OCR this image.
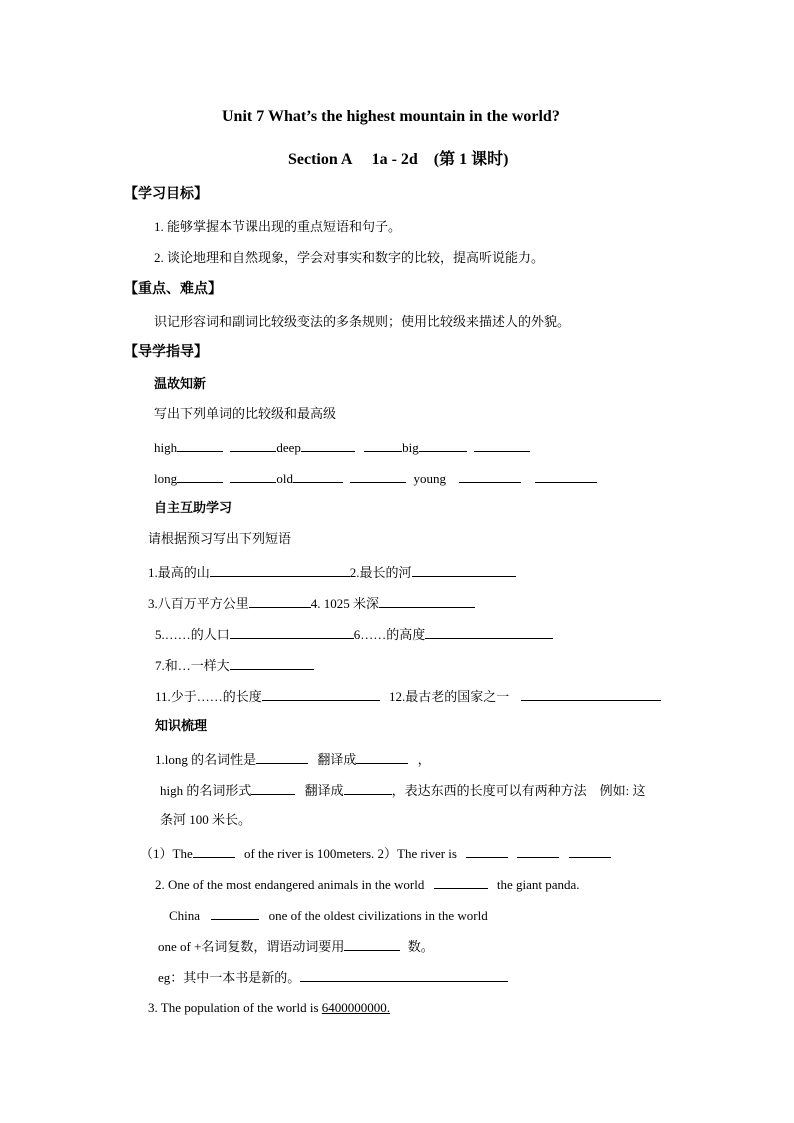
Unit 7 What’s the highest mountain in the world?
Section A　 1a - 2d　(第 1 课时)
【学习目标】
1. 能够掌握本节课出现的重点短语和句子。
2. 谈论地理和自然现象，学会对事实和数字的比较，提高听说能力。
【重点、难点】
识记形容词和副词比较级变法的多条规则；使用比较级来描述人的外貌。
【导学指导】
温故知新
写出下列单词的比较级和最高级
high	deep	big
long	old	young
自主互助学习
请根据预习写出下列短语
1.最高的山	2.最长的河
3.八百万平方公里	4. 1025 米深
5.……的人口	6……的高度
7.和…一样大
11.少于……的长度	12.最古老的国家之一
知识梳理
1.long 的名词性是	翻译成	，
high 的名词形式	翻译成	，表达东西的长度可以有两种方法　例如: 这
条河 100 米长。
（1）The	of the river is 100meters. 2）The river is
2. One of the most endangered animals in the world	the giant panda.
China	one of the oldest civilizations in the world
one of +名词复数，谓语动词要用	数。
eg：其中一本书是新的。
3. The population of the world is 6400000000.
